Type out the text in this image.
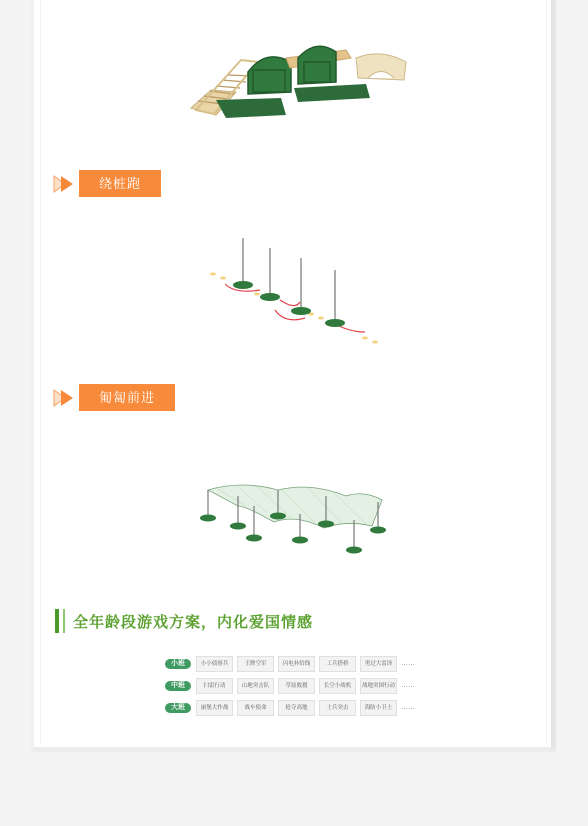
绕桩跑
匍匐前进
全年龄段游戏方案，内化爱国情感
小班	小小侦察兵	王牌空军	闪电补给线	工兵搭桥	勇过大雷泽	……
中班	扫雷行动	山地突击队	草原救援	长空小战机	战地突围行动 ……
大班	丽堡大作战	战车使命	抢夺高地	士兵突击	海防小卫士	……
